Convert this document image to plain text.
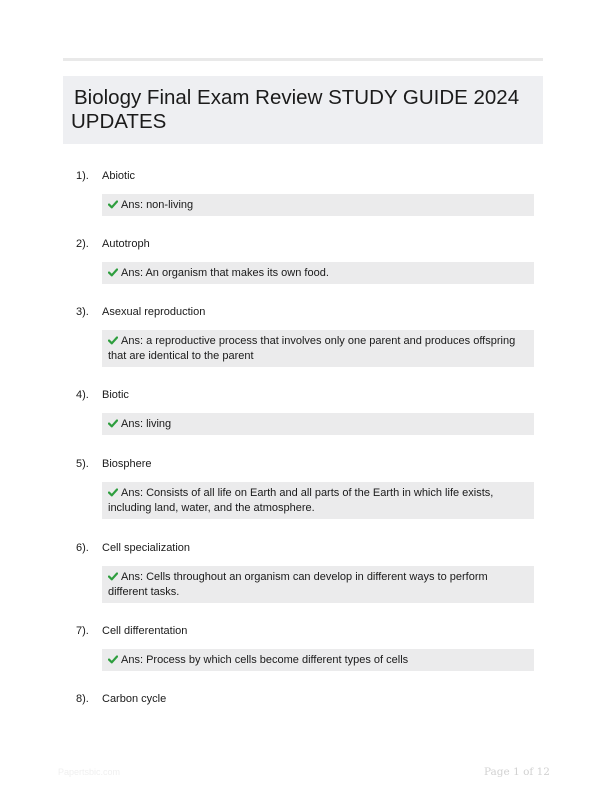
Biology Final Exam Review STUDY GUIDE 2024 UPDATES
1). Abiotic
Ans: non-living
2). Autotroph
Ans: An organism that makes its own food.
3). Asexual reproduction
Ans: a reproductive process that involves only one parent and produces offspring that are identical to the parent
4). Biotic
Ans: living
5). Biosphere
Ans: Consists of all life on Earth and all parts of the Earth in which life exists, including land, water, and the atmosphere.
6). Cell specialization
Ans: Cells throughout an organism can develop in different ways to perform different tasks.
7). Cell differentation
Ans: Process by which cells become different types of cells
8). Carbon cycle
Papertsbic.com	Page 1 of 12
